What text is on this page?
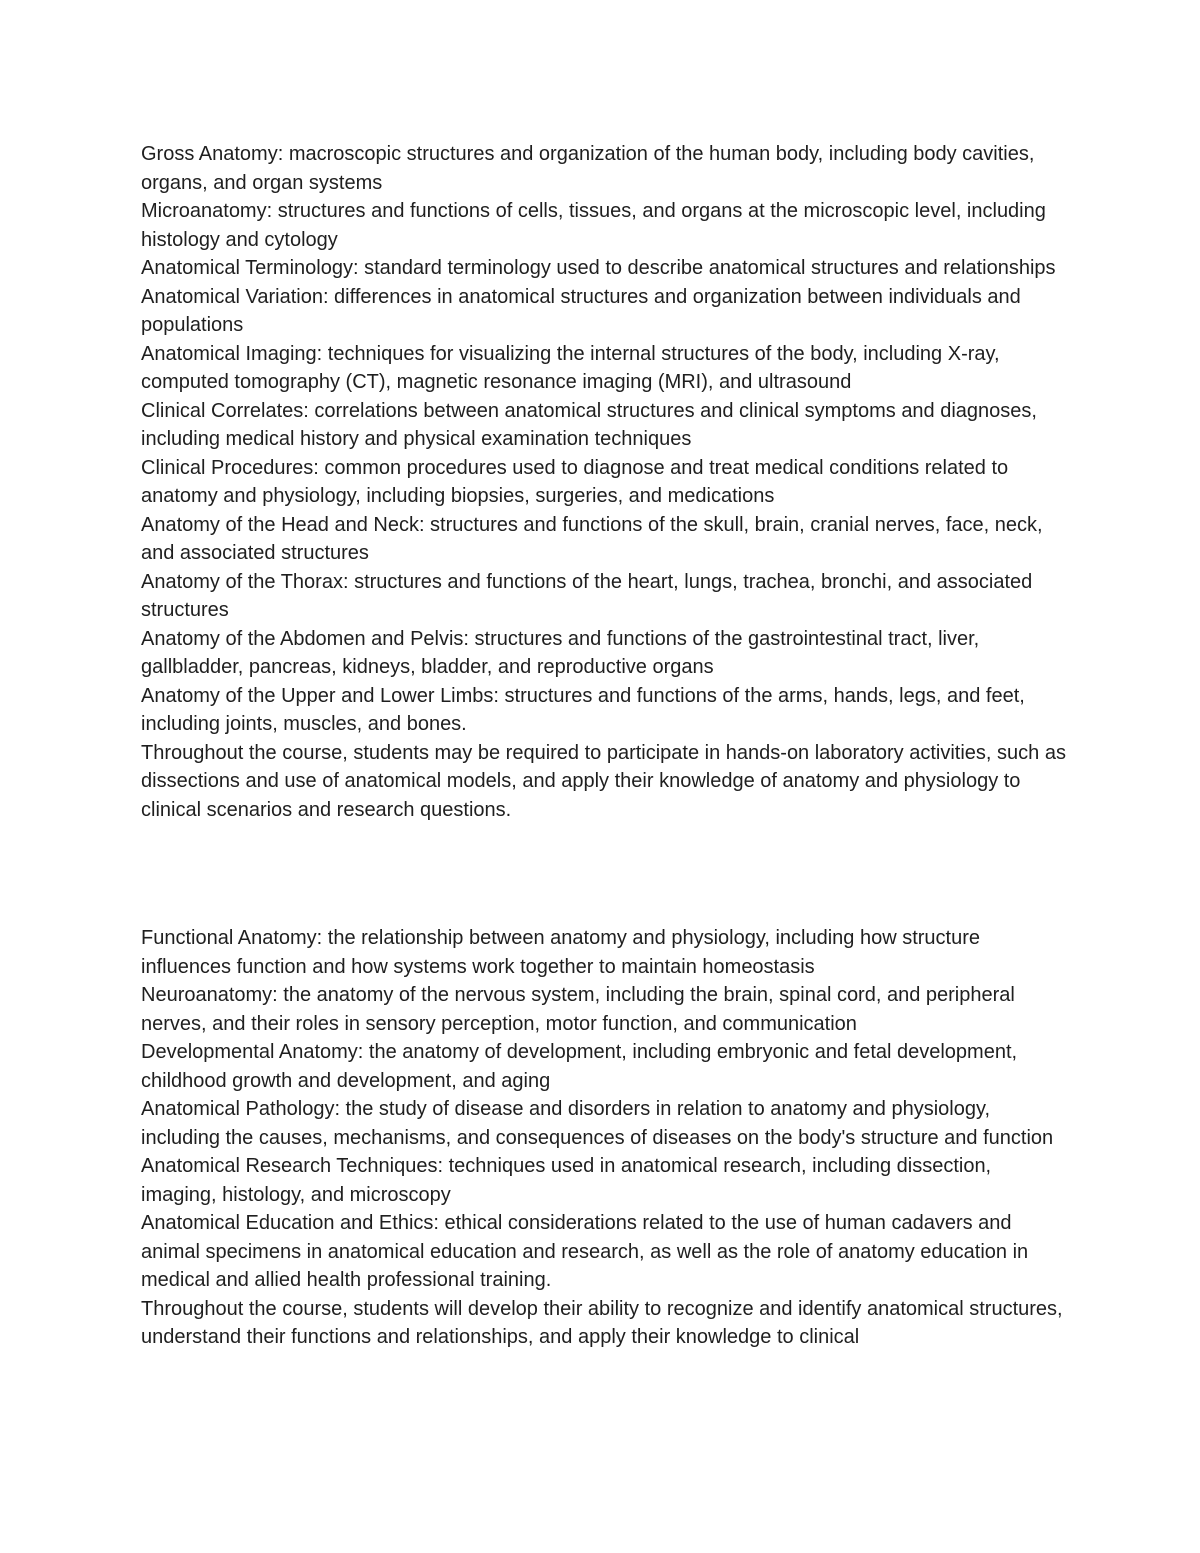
Gross Anatomy: macroscopic structures and organization of the human body, including body cavities, organs, and organ systems

Microanatomy: structures and functions of cells, tissues, and organs at the microscopic level, including histology and cytology

Anatomical Terminology: standard terminology used to describe anatomical structures and relationships

Anatomical Variation: differences in anatomical structures and organization between individuals and populations

Anatomical Imaging: techniques for visualizing the internal structures of the body, including X-ray, computed tomography (CT), magnetic resonance imaging (MRI), and ultrasound

Clinical Correlates: correlations between anatomical structures and clinical symptoms and diagnoses, including medical history and physical examination techniques

Clinical Procedures: common procedures used to diagnose and treat medical conditions related to anatomy and physiology, including biopsies, surgeries, and medications

Anatomy of the Head and Neck: structures and functions of the skull, brain, cranial nerves, face, neck, and associated structures

Anatomy of the Thorax: structures and functions of the heart, lungs, trachea, bronchi, and associated structures

Anatomy of the Abdomen and Pelvis: structures and functions of the gastrointestinal tract, liver, gallbladder, pancreas, kidneys, bladder, and reproductive organs

Anatomy of the Upper and Lower Limbs: structures and functions of the arms, hands, legs, and feet, including joints, muscles, and bones.

Throughout the course, students may be required to participate in hands-on laboratory activities, such as dissections and use of anatomical models, and apply their knowledge of anatomy and physiology to clinical scenarios and research questions.

Functional Anatomy: the relationship between anatomy and physiology, including how structure influences function and how systems work together to maintain homeostasis

Neuroanatomy: the anatomy of the nervous system, including the brain, spinal cord, and peripheral nerves, and their roles in sensory perception, motor function, and communication

Developmental Anatomy: the anatomy of development, including embryonic and fetal development, childhood growth and development, and aging

Anatomical Pathology: the study of disease and disorders in relation to anatomy and physiology, including the causes, mechanisms, and consequences of diseases on the body's structure and function

Anatomical Research Techniques: techniques used in anatomical research, including dissection, imaging, histology, and microscopy

Anatomical Education and Ethics: ethical considerations related to the use of human cadavers and animal specimens in anatomical education and research, as well as the role of anatomy education in medical and allied health professional training.

Throughout the course, students will develop their ability to recognize and identify anatomical structures, understand their functions and relationships, and apply their knowledge to clinical
